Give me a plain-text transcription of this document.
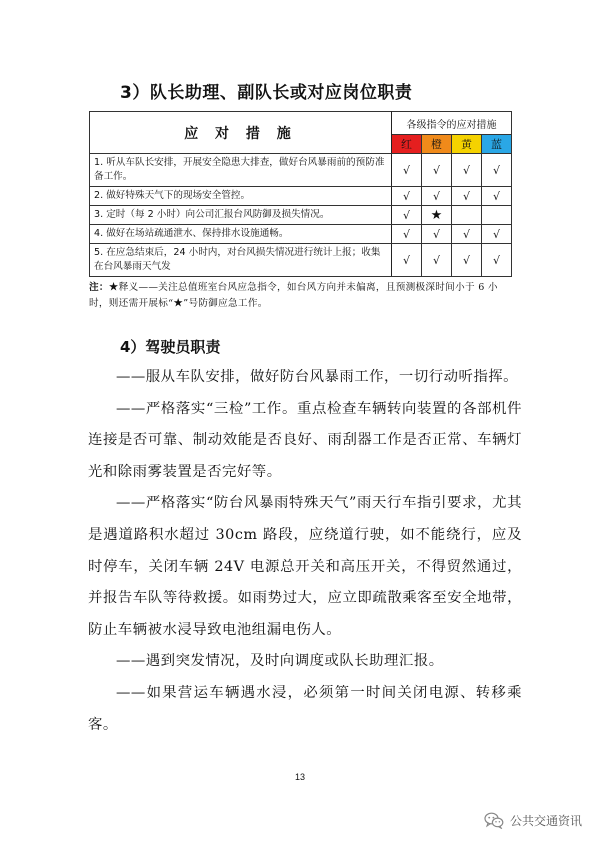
3）队长助理、副队长或对应岗位职责
应 对 措 施	各级指令的应对措施			
	红	橙	黄	蓝
1. 听从车队长安排，开展安全隐患大排查，做好台风暴雨前的预防准备工作。	√	√	√	√
2. 做好特殊天气下的现场安全管控。	√	√	√	√
3. 定时（每 2 小时）向公司汇报台风防御及损失情况。	√	★		
4. 做好在场站疏通泄水、保持排水设施通畅。	√	√	√	√
5. 在应急结束后，24 小时内，对台风损失情况进行统计上报；收集在台风暴雨天气发	√	√	√	√
注：★释义——关注总值班室台风应急指令，如台风方向并未偏离，且预测极深时间小于 6 小时，则还需开展标“★”号防御应急工作。
4）驾驶员职责

——服从车队安排，做好防台风暴雨工作，一切行动听指挥。

——严格落实“三检”工作。重点检查车辆转向装置的各部机件连接是否可靠、制动效能是否良好、雨刮器工作是否正常、车辆灯光和除雨雾装置是否完好等。

——严格落实“防台风暴雨特殊天气”雨天行车指引要求，尤其是遇道路积水超过 30cm 路段，应绕道行驶，如不能绕行，应及时停车，关闭车辆 24V 电源总开关和高压开关，不得贸然通过，并报告车队等待救援。如雨势过大，应立即疏散乘客至安全地带，防止车辆被水浸导致电池组漏电伤人。

——遇到突发情况，及时向调度或队长助理汇报。

——如果营运车辆遇水浸，必须第一时间关闭电源、转移乘客。

13
公共交通资讯
